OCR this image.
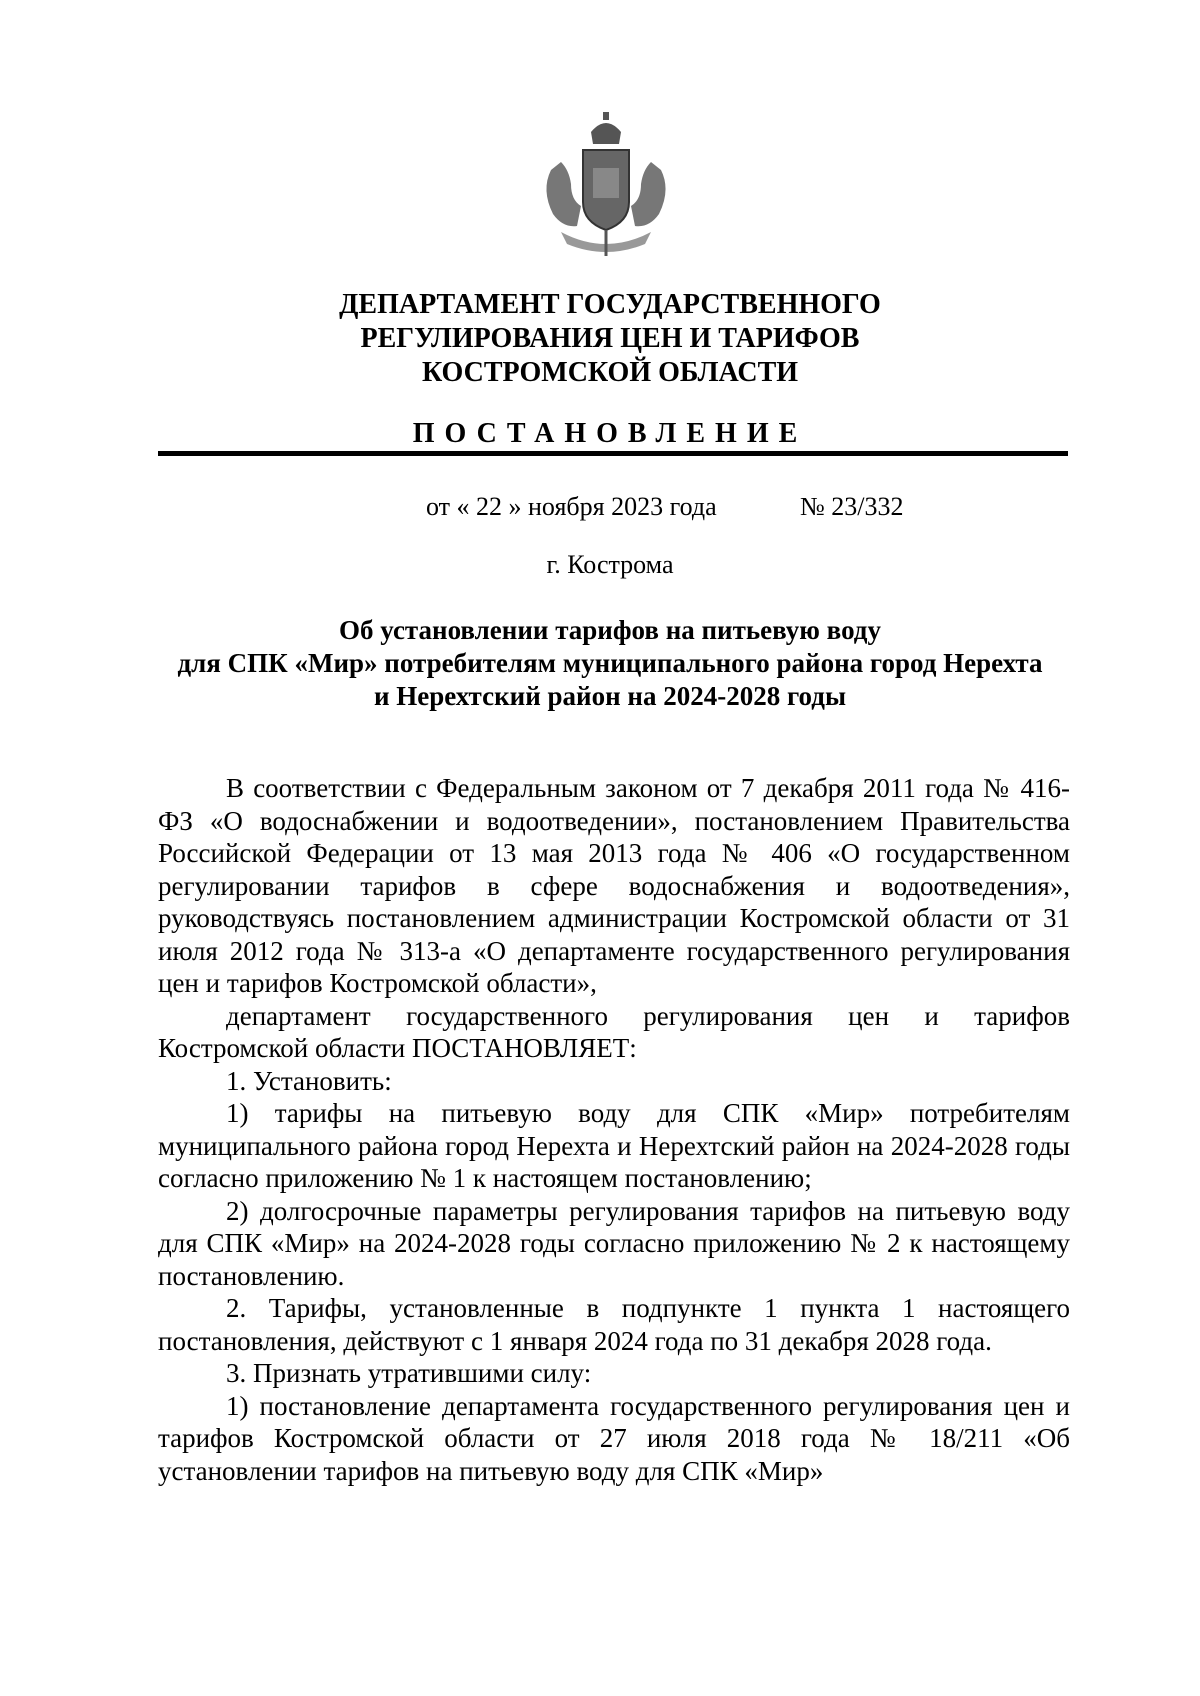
ДЕПАРТАМЕНТ ГОСУДАРСТВЕННОГО
РЕГУЛИРОВАНИЯ ЦЕН И ТАРИФОВ
КОСТРОМСКОЙ ОБЛАСТИ
ПОСТАНОВЛЕНИЕ
от « 22 » ноября 2023 года	№ 23/332
г. Кострома
Об установлении тарифов на питьевую воду
для СПК «Мир» потребителям муниципального района город Нерехта
и Нерехтский район на 2024-2028 годы

В соответствии с Федеральным законом от 7 декабря 2011 года № 416-ФЗ «О водоснабжении и водоотведении», постановлением Правительства Российской Федерации от 13 мая 2013 года № 406 «О государственном регулировании тарифов в сфере водоснабжения и водоотведения», руководствуясь постановлением администрации Костромской области от 31 июля 2012 года № 313-а «О департаменте государственного регулирования цен и тарифов Костромской области»,

департамент государственного регулирования цен и тарифов Костромской области ПОСТАНОВЛЯЕТ:

1. Установить:

1) тарифы на питьевую воду для СПК «Мир» потребителям муниципального района город Нерехта и Нерехтский район на 2024-2028 годы согласно приложению № 1 к настоящем постановлению;

2) долгосрочные параметры регулирования тарифов на питьевую воду для СПК «Мир» на 2024-2028 годы согласно приложению № 2 к настоящему постановлению.

2. Тарифы, установленные в подпункте 1 пункта 1 настоящего постановления, действуют с 1 января 2024 года по 31 декабря 2028 года.

3. Признать утратившими силу:

1) постановление департамента государственного регулирования цен и тарифов Костромской области от 27 июля 2018 года № 18/211 «Об установлении тарифов на питьевую воду для СПК «Мир»
